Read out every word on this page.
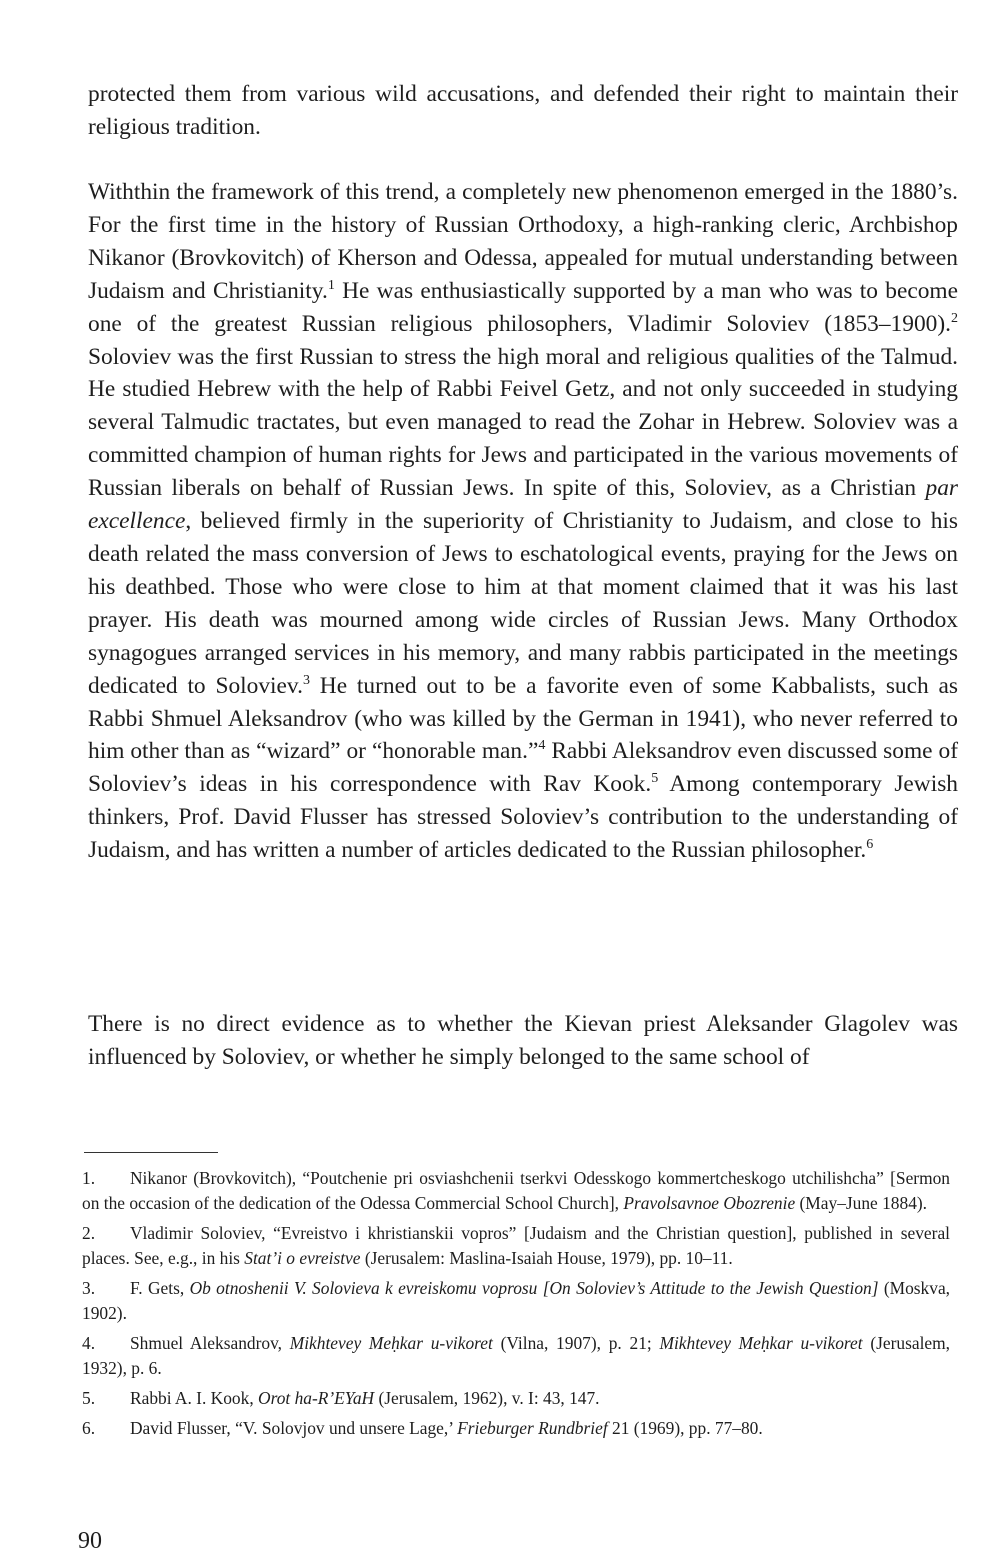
protected them from various wild accusations, and defended their right to maintain their religious tradition.

Withthin the framework of this trend, a completely new phenomenon emerged in the 1880’s. For the first time in the history of Russian Orthodoxy, a high-ranking cleric, Archbishop Nikanor (Brovkovitch) of Kherson and Odessa, appealed for mutual understanding between Judaism and Christianity.$^1$ He was enthusiastically supported by a man who was to become one of the greatest Russian religious philosophers, Vladimir Soloviev (1853–1900).$^2$ Soloviev was the first Russian to stress the high moral and religious qualities of the Talmud. He studied Hebrew with the help of Rabbi Feivel Getz, and not only succeeded in studying several Talmudic tractates, but even managed to read the Zohar in Hebrew. Soloviev was a committed champion of human rights for Jews and participated in the various movements of Russian liberals on behalf of Russian Jews. In spite of this, Soloviev, as a Christian par excellence, believed firmly in the superiority of Christianity to Judaism, and close to his death related the mass conversion of Jews to eschatological events, praying for the Jews on his deathbed. Those who were close to him at that moment claimed that it was his last prayer. His death was mourned among wide circles of Russian Jews. Many Orthodox synagogues arranged services in his memory, and many rabbis participated in the meetings dedicated to Soloviev.$^3$ He turned out to be a favorite even of some Kabbalists, such as Rabbi Shmuel Aleksandrov (who was killed by the German in 1941), who never referred to him other than as “wizard” or “honorable man.”$^4$ Rabbi Aleksandrov even discussed some of Soloviev’s ideas in his correspondence with Rav Kook.$^5$ Among contemporary Jewish thinkers, Prof. David Flusser has stressed Soloviev’s contribution to the understanding of Judaism, and has written a number of articles dedicated to the Russian philosopher.$^6$

There is no direct evidence as to whether the Kievan priest Aleksander Glagolev was influenced by Soloviev, or whether he simply belonged to the same school of

1. Nikanor (Brovkovitch), “Poutchenie pri osviashchenii tserkvi Odesskogo kommertcheskogo utchilishcha” [Sermon on the occasion of the dedication of the Odessa Commercial School Church], Pravolsavnoe Obozrenie (May–June 1884).

2. Vladimir Soloviev, “Evreistvo i khristianskii vopros” [Judaism and the Christian question], published in several places. See, e.g., in his Stat’i o evreistve (Jerusalem: Maslina-Isaiah House, 1979), pp. 10–11.

3. F. Gets, Ob otnoshenii V. Solovieva k evreiskomu voprosu [On Soloviev’s Attitude to the Jewish Question] (Moskva, 1902).

4. Shmuel Aleksandrov, Mikhtevey Meḥkar u-vikoret (Vilna, 1907), p. 21; Mikhtevey Meḥkar u-vikoret (Jerusalem, 1932), p. 6.

5. Rabbi A. I. Kook, Orot ha-R’EYaH (Jerusalem, 1962), v. I: 43, 147.

6. David Flusser, “V. Solovjov und unsere Lage,’ Frieburger Rundbrief 21 (1969), pp. 77–80.

90
